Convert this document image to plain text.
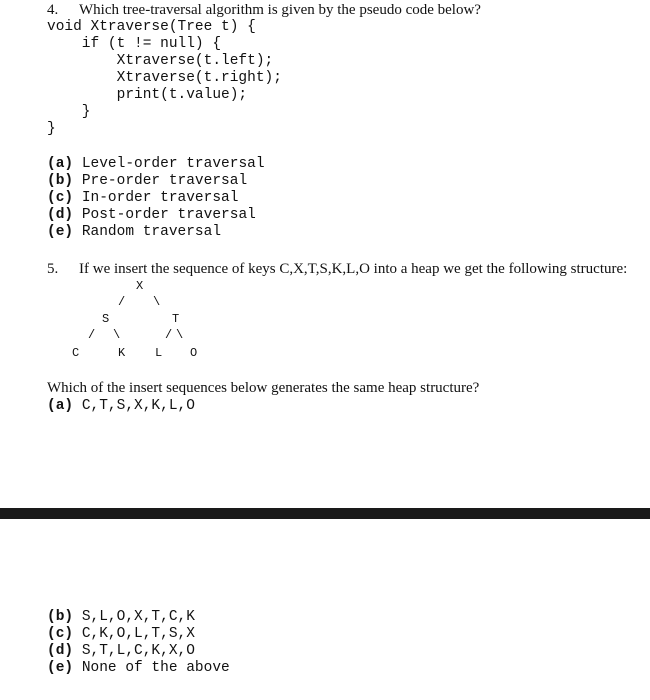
4. Which tree-traversal algorithm is given by the pseudo code below?
void Xtraverse(Tree t) {
if (t != null) {
Xtraverse(t.left);
Xtraverse(t.right);
print(t.value);
}
}
(a) Level-order traversal
(b) Pre-order traversal
(c) In-order traversal
(d) Post-order traversal
(e) Random traversal
5. If we insert the sequence of keys C,X,T,S,K,L,O into a heap we get the following structure:
X
/ \
S	T
/ \	/ \
C	K L O
Which of the insert sequences below generates the same heap structure?
(a) C,T,S,X,K,L,O
(b) S,L,O,X,T,C,K
(c) C,K,O,L,T,S,X
(d) S,T,L,C,K,X,O
(e) None of the above
